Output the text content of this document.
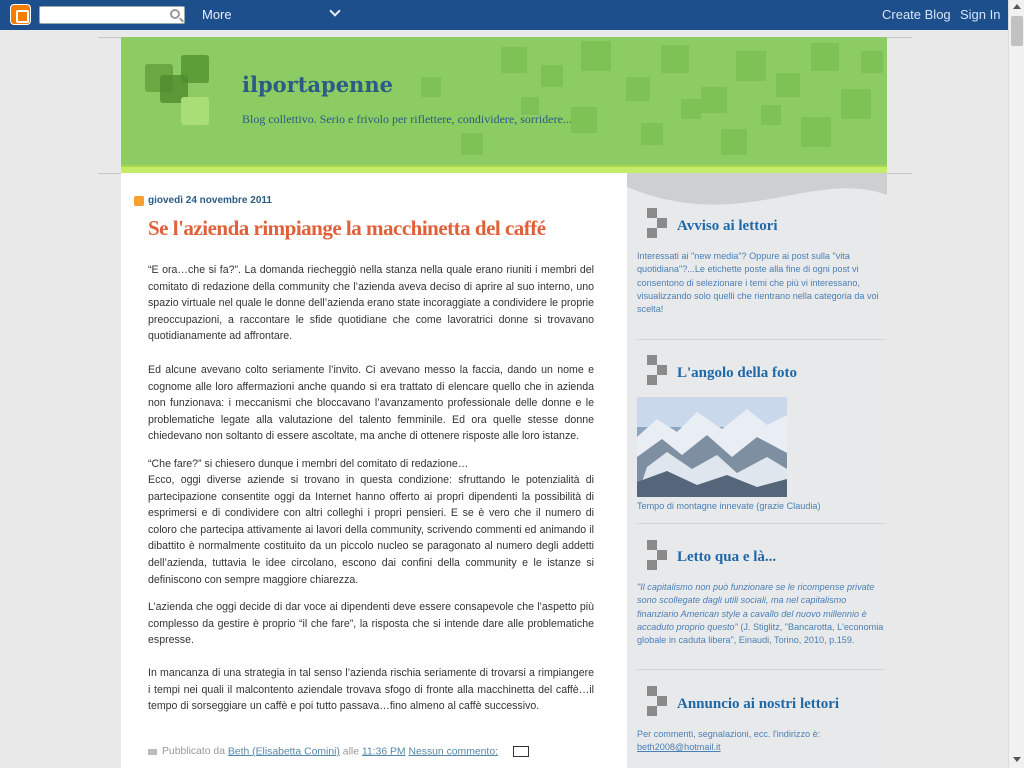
More	Create Blog Sign In
ilportapenne
Blog collettivo. Serio e frivolo per riflettere, condividere, sorridere...
giovedì 24 novembre 2011
Se l'azienda rimpiange la macchinetta del caffé

“E ora…che si fa?”. La domanda riecheggiò nella stanza nella quale erano riuniti i membri del comitato di redazione della community che l’azienda aveva deciso di aprire al suo interno, uno spazio virtuale nel quale le donne dell’azienda erano state incoraggiate a condividere le proprie preoccupazioni, a raccontare le sfide quotidiane che come lavoratrici donne si trovavano quotidianamente ad affrontare.

Ed alcune avevano colto seriamente l’invito. Ci avevano messo la faccia, dando un nome e cognome alle loro affermazioni anche quando si era trattato di elencare quello che in azienda non funzionava: i meccanismi che bloccavano l’avanzamento professionale delle donne e le problematiche legate alla valutazione del talento femminile. Ed ora quelle stesse donne chiedevano non soltanto di essere ascoltate, ma anche di ottenere risposte alle loro istanze.

“Che fare?” si chiesero dunque i membri del comitato di redazione…

Ecco, oggi diverse aziende si trovano in questa condizione: sfruttando le potenzialità di partecipazione consentite oggi da Internet hanno offerto ai propri dipendenti la possibilità di esprimersi e di condividere con altri colleghi i propri pensieri. E se è vero che il numero di coloro che partecipa attivamente ai lavori della community, scrivendo commenti ed animando il dibattito è normalmente costituito da un piccolo nucleo se paragonato al numero degli addetti dell’azienda, tuttavia le idee circolano, escono dai confini della community e le istanze si definiscono con sempre maggiore chiarezza.

L’azienda che oggi decide di dar voce ai dipendenti deve essere consapevole che l’aspetto più complesso da gestire è proprio “il che fare”, la risposta che si intende dare alle problematiche espresse.

In mancanza di una strategia in tal senso l’azienda rischia seriamente di trovarsi a rimpiangere i tempi nei quali il malcontento aziendale trovava sfogo di fronte alla macchinetta del caffè…il tempo di sorseggiare un caffè e poi tutto passava…fino almeno al caffè successivo.

Pubblicato da Beth (Elisabetta Comini) alle 11:36 PM Nessun commento:
Avviso ai lettori
Interessati ai "new media"? Oppure ai post sulla "vita quotidiana"?...Le etichette poste alla fine di ogni post vi consentono di selezionare i temi che più vi interessano, visualizzando solo quelli che rientrano nella categoria da voi scelta!
L'angolo della foto
Tempo di montagne innevate (grazie Claudia)
Letto qua e là...
"Il capitalismo non può funzionare se le ricompense private sono scollegate dagli utili sociali, ma nel capitalismo finanziario American style a cavallo del nuovo millennio è accaduto proprio questo" (J. Stiglitz, "Bancarotta, L'economia globale in caduta libera", Einaudi, Torino, 2010, p.159.
Annuncio ai nostri lettori
Per commenti, segnalazioni, ecc. l'indirizzo è:
beth2008@hotmail.it
